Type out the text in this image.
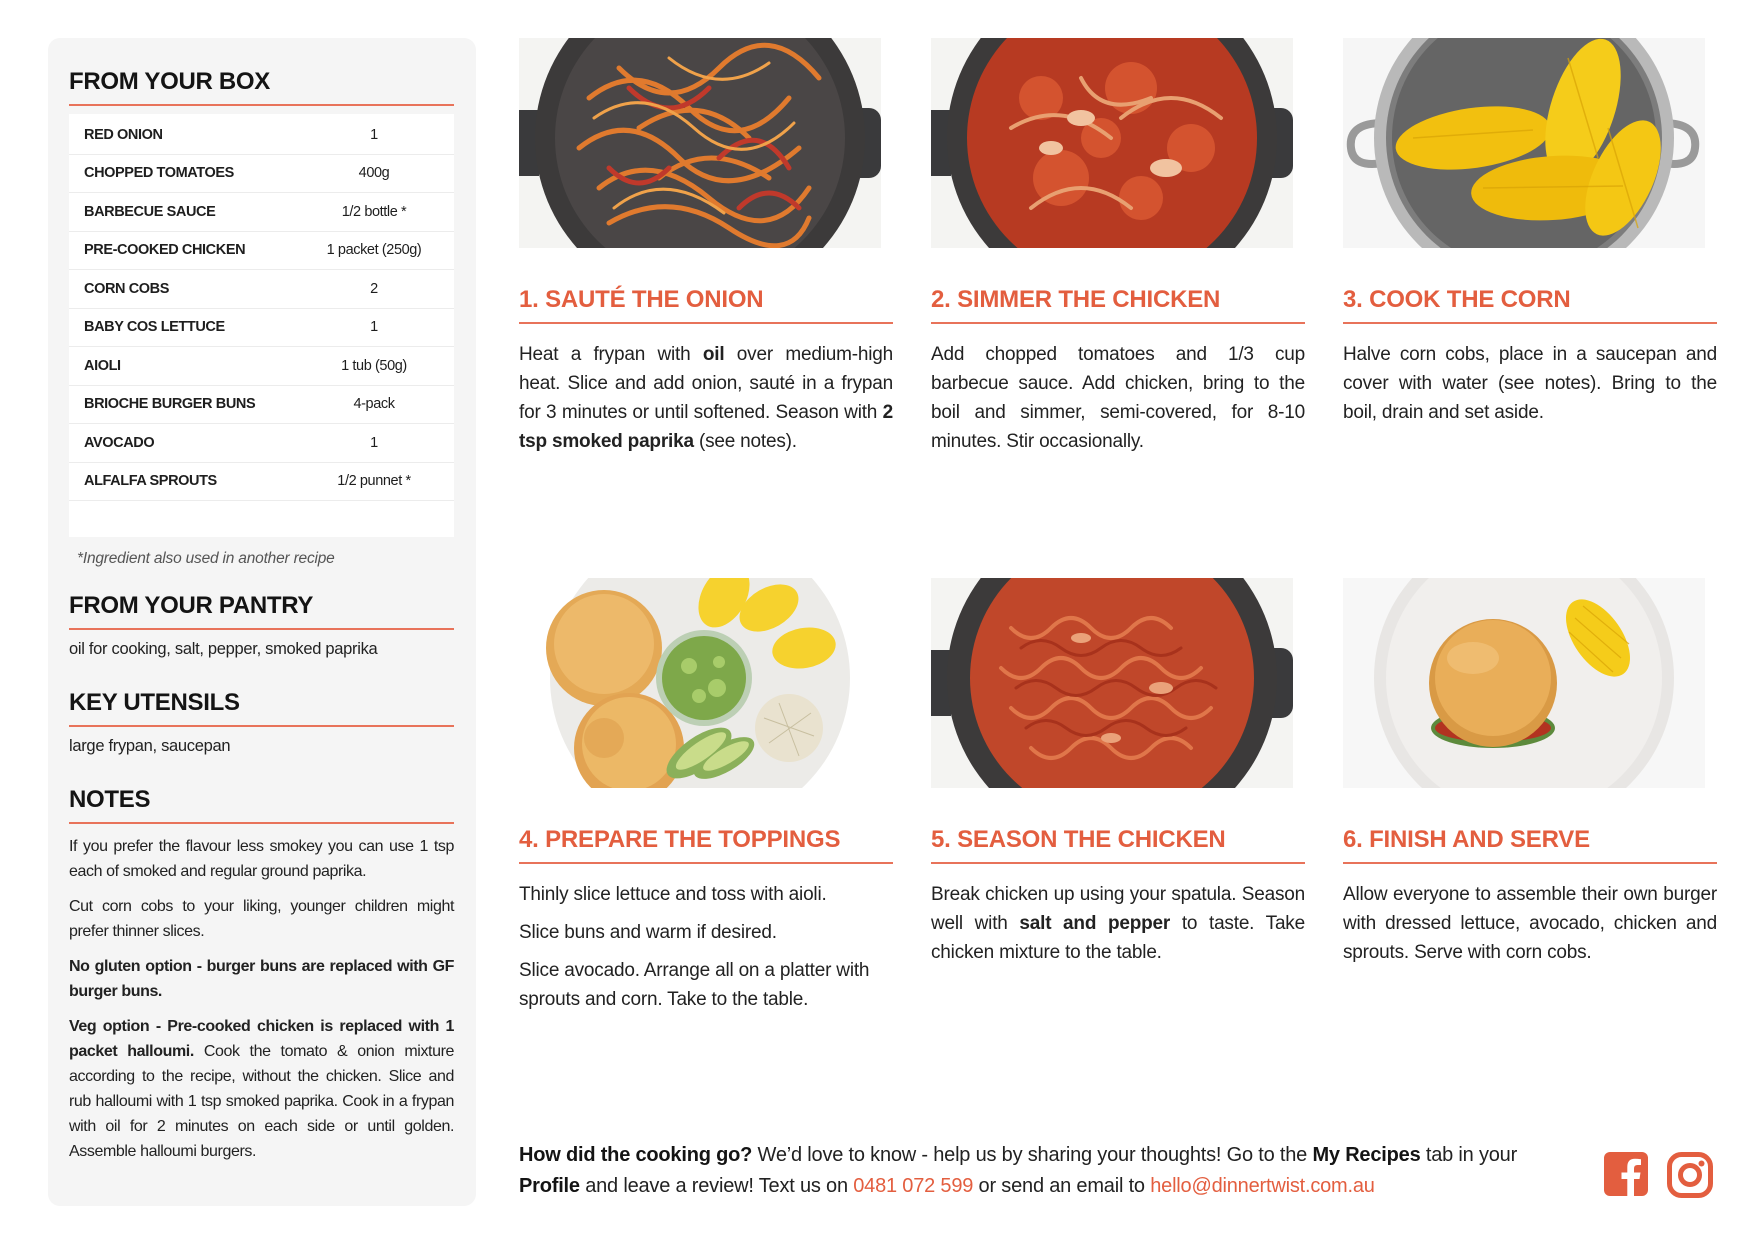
FROM YOUR BOX
RED ONION	1
CHOPPED TOMATOES	400g
BARBECUE SAUCE	1/2 bottle *
PRE-COOKED CHICKEN	1 packet (250g)
CORN COBS	2
BABY COS LETTUCE	1
AIOLI	1 tub (50g)
BRIOCHE BURGER BUNS	4-pack
AVOCADO	1
ALFALFA SPROUTS	1/2 punnet *

*Ingredient also used in another recipe

FROM YOUR PANTRY

oil for cooking, salt, pepper, smoked paprika

KEY UTENSILS

large frypan, saucepan

NOTES

If you prefer the flavour less smokey you can use 1 tsp each of smoked and regular ground paprika.

Cut corn cobs to your liking, younger children might prefer thinner slices.

No gluten option - burger buns are replaced with GF burger buns.

Veg option - Pre-cooked chicken is replaced with 1 packet halloumi. Cook the tomato & onion mixture according to the recipe, without the chicken. Slice and rub halloumi with 1 tsp smoked paprika. Cook in a frypan with oil for 2 minutes on each side or until golden. Assemble halloumi burgers.

1. SAUTÉ THE ONION

Heat a frypan with oil over medium-high heat. Slice and add onion, sauté in a frypan for 3 minutes or until softened. Season with 2 tsp smoked paprika (see notes).

2. SIMMER THE CHICKEN

Add chopped tomatoes and 1/3 cup barbecue sauce. Add chicken, bring to the boil and simmer, semi-covered, for 8-10 minutes. Stir occasionally.

3. COOK THE CORN

Halve corn cobs, place in a saucepan and cover with water (see notes). Bring to the boil, drain and set aside.

4. PREPARE THE TOPPINGS

Thinly slice lettuce and toss with aioli.

Slice buns and warm if desired.

Slice avocado. Arrange all on a platter with sprouts and corn. Take to the table.

5. SEASON THE CHICKEN

Break chicken up using your spatula. Season well with salt and pepper to taste. Take chicken mixture to the table.

6. FINISH AND SERVE

Allow everyone to assemble their own burger with dressed lettuce, avocado, chicken and sprouts. Serve with corn cobs.

How did the cooking go? We’d love to know - help us by sharing your thoughts! Go to the My Recipes tab in your Profile and leave a review! Text us on 0481 072 599 or send an email to hello@dinnertwist.com.au
